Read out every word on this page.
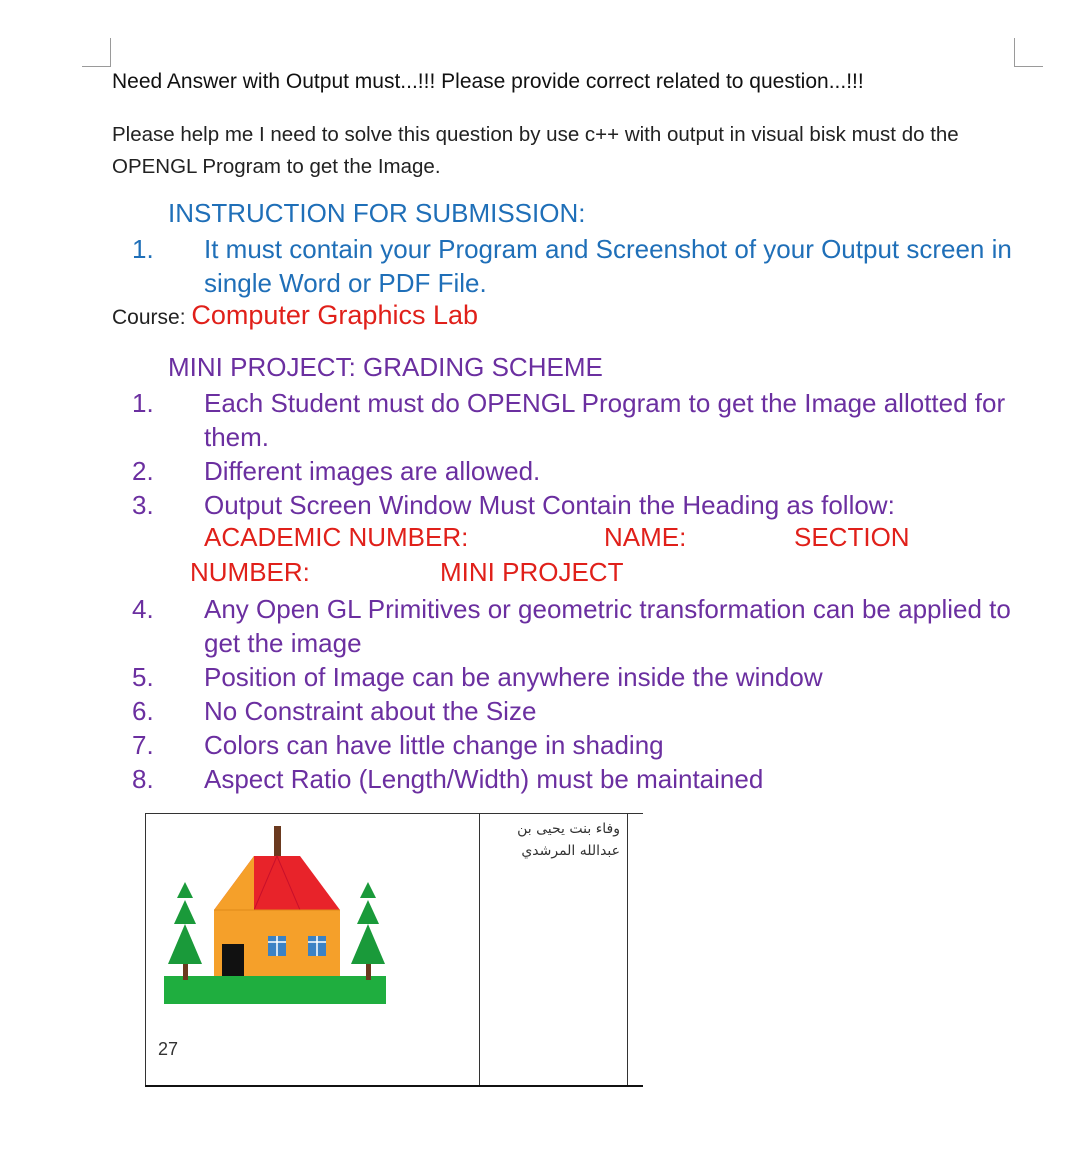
Need Answer with Output must...!!! Please provide correct related to question...!!!
Please help me I need to solve this question by use c++ with output in visual bisk must do the OPENGL Program to get the Image.
INSTRUCTION FOR SUBMISSION:
1. It must contain your Program and Screenshot of your Output screen in single Word or PDF File.
Course: Computer Graphics Lab
MINI PROJECT: GRADING SCHEME
1. Each Student must do OPENGL Program to get the Image allotted for them.
2. Different images are allowed.
3. Output Screen Window Must Contain the Heading as follow:
ACADEMIC NUMBER:	NAME:	SECTION
NUMBER:	MINI PROJECT
4. Any Open GL Primitives or geometric transformation can be applied to get the image
5. Position of Image can be anywhere inside the window
6. No Constraint about the Size
7. Colors can have little change in shading
8. Aspect Ratio (Length/Width) must be maintained
وفاء بنت يحيى بن
عبدالله المرشدي
27
